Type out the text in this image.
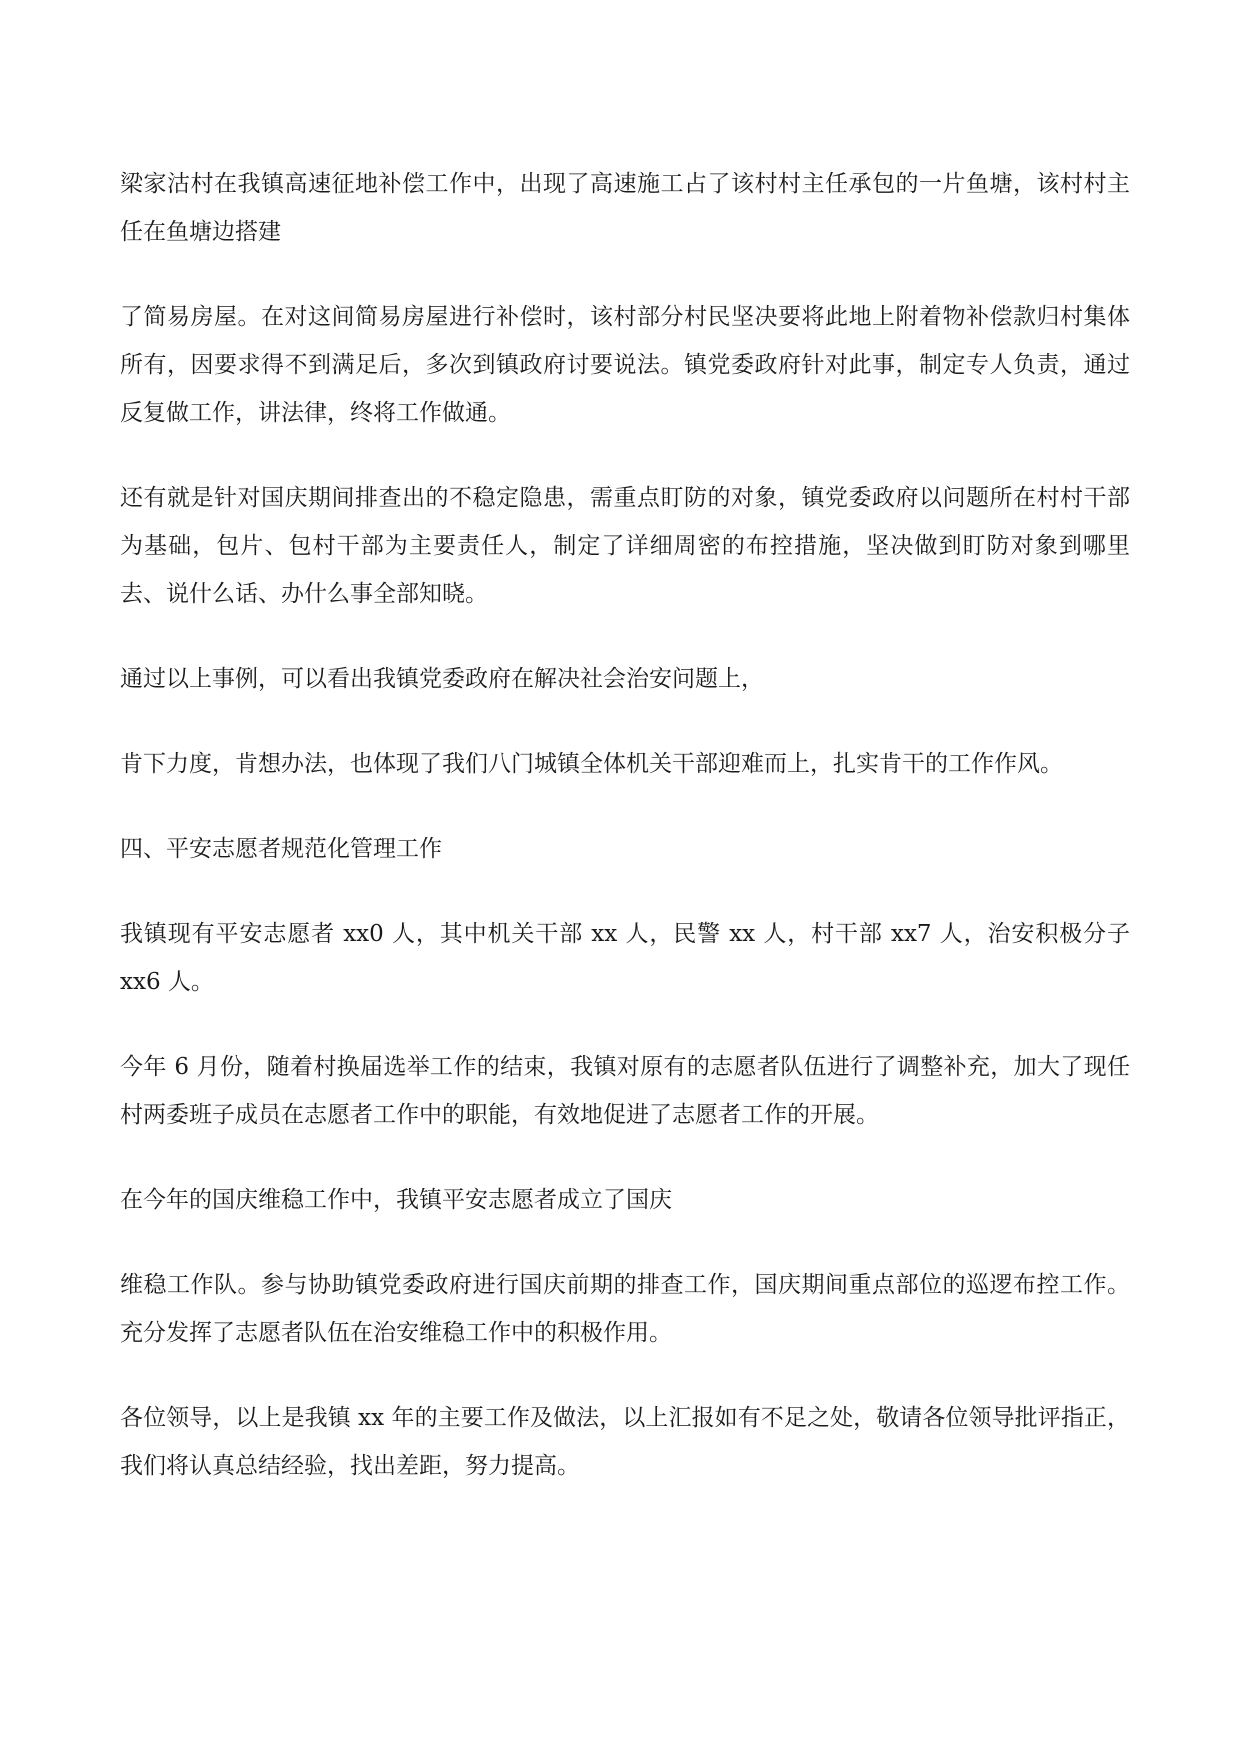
梁家沽村在我镇高速征地补偿工作中，出现了高速施工占了该村村主任承包的一片鱼塘，该村村主任在鱼塘边搭建

了简易房屋。在对这间简易房屋进行补偿时，该村部分村民坚决要将此地上附着物补偿款归村集体所有，因要求得不到满足后，多次到镇政府讨要说法。镇党委政府针对此事，制定专人负责，通过反复做工作，讲法律，终将工作做通。

还有就是针对国庆期间排查出的不稳定隐患，需重点盯防的对象，镇党委政府以问题所在村村干部为基础，包片、包村干部为主要责任人，制定了详细周密的布控措施，坚决做到盯防对象到哪里去、说什么话、办什么事全部知晓。

通过以上事例，可以看出我镇党委政府在解决社会治安问题上，

肯下力度，肯想办法，也体现了我们八门城镇全体机关干部迎难而上，扎实肯干的工作作风。

四、平安志愿者规范化管理工作

我镇现有平安志愿者 xx0 人，其中机关干部 xx 人，民警 xx 人，村干部 xx7 人，治安积极分子 xx6 人。

今年 6 月份，随着村换届选举工作的结束，我镇对原有的志愿者队伍进行了调整补充，加大了现任村两委班子成员在志愿者工作中的职能，有效地促进了志愿者工作的开展。

在今年的国庆维稳工作中，我镇平安志愿者成立了国庆

维稳工作队。参与协助镇党委政府进行国庆前期的排查工作，国庆期间重点部位的巡逻布控工作。充分发挥了志愿者队伍在治安维稳工作中的积极作用。

各位领导，以上是我镇 xx 年的主要工作及做法，以上汇报如有不足之处，敬请各位领导批评指正，我们将认真总结经验，找出差距，努力提高。
